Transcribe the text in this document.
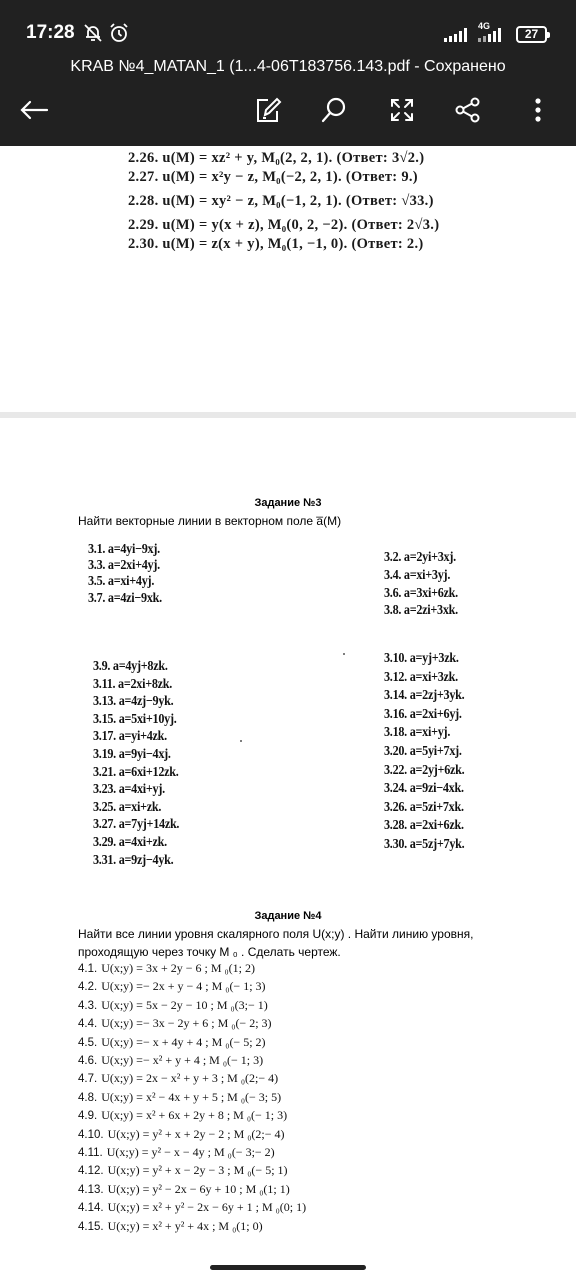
17:28	4G
27
KRAB №4_MATAN_1 (1...4-06T183756.143.pdf - Сохранено
2.26. u(M) = xz² + y, M₀(2, 2, 1). (Ответ: 3√2.)
2.27. u(M) = x²y − z, M₀(−2, 2, 1). (Ответ: 9.)
2.28. u(M) = xy² − z, M₀(−1, 2, 1). (Ответ: √33.)
2.29. u(M) = y(x + z), M₀(0, 2, −2). (Ответ: 2√3.)
2.30. u(M) = z(x + y), M₀(1, −1, 0). (Ответ: 2.)
Задание №3
Найти векторные линии в векторном поле a̅(M)
3.1. a=4yi−9xj.
3.3. a=2xi+4yj.
3.5. a=xi+4yj.
3.7. a=4zi−9xk.
3.2. a=2yi+3xj.
3.4. a=xi+3yj.
3.6. a=3xi+6zk.
3.8. a=2zi+3xk.
3.9. a=4yj+8zk.
3.11. a=2xi+8zk.
3.13. a=4zj−9yk.
3.15. a=5xi+10yj.
3.17. a=yi+4zk.
3.19. a=9yi−4xj.
3.21. a=6xi+12zk.
3.23. a=4xi+yj.
3.25. a=xi+zk.
3.27. a=7yj+14zk.
3.29. a=4xi+zk.
3.31. a=9zj−4yk.
3.10. a=yj+3zk.
3.12. a=xi+3zk.
3.14. a=2zj+3yk.
3.16. a=2xi+6yj.
3.18. a=xi+yj.
3.20. a=5yi+7xj.
3.22. a=2yj+6zk.
3.24. a=9zi−4xk.
3.26. a=5zi+7xk.
3.28. a=2xi+6zk.
3.30. a=5zj+7yk.
Задание №4
Найти все линии уровня скалярного поля U(x;y) . Найти линию уровня,
проходящую через точку M ₀ . Сделать чертеж.
4.1. U(x;y) = 3x + 2y − 6 ; M ₀(1; 2)
4.2. U(x;y) =− 2x + y − 4 ; M ₀(− 1; 3)
4.3. U(x;y) = 5x − 2y − 10 ; M ₀(3;− 1)
4.4. U(x;y) =− 3x − 2y + 6 ; M ₀(− 2; 3)
4.5. U(x;y) =− x + 4y + 4 ; M ₀(− 5; 2)
4.6. U(x;y) =− x² + y + 4 ; M ₀(− 1; 3)
4.7. U(x;y) = 2x − x² + y + 3 ; M ₀(2;− 4)
4.8. U(x;y) = x² − 4x + y + 5 ; M ₀(− 3; 5)
4.9. U(x;y) = x² + 6x + 2y + 8 ; M ₀(− 1; 3)
4.10. U(x;y) = y² + x + 2y − 2 ; M ₀(2;− 4)
4.11. U(x;y) = y² − x − 4y ; M ₀(− 3;− 2)
4.12. U(x;y) = y² + x − 2y − 3 ; M ₀(− 5; 1)
4.13. U(x;y) = y² − 2x − 6y + 10 ; M ₀(1; 1)
4.14. U(x;y) = x² + y² − 2x − 6y + 1 ; M ₀(0; 1)
4.15. U(x;y) = x² + y² + 4x ; M ₀(1; 0)
